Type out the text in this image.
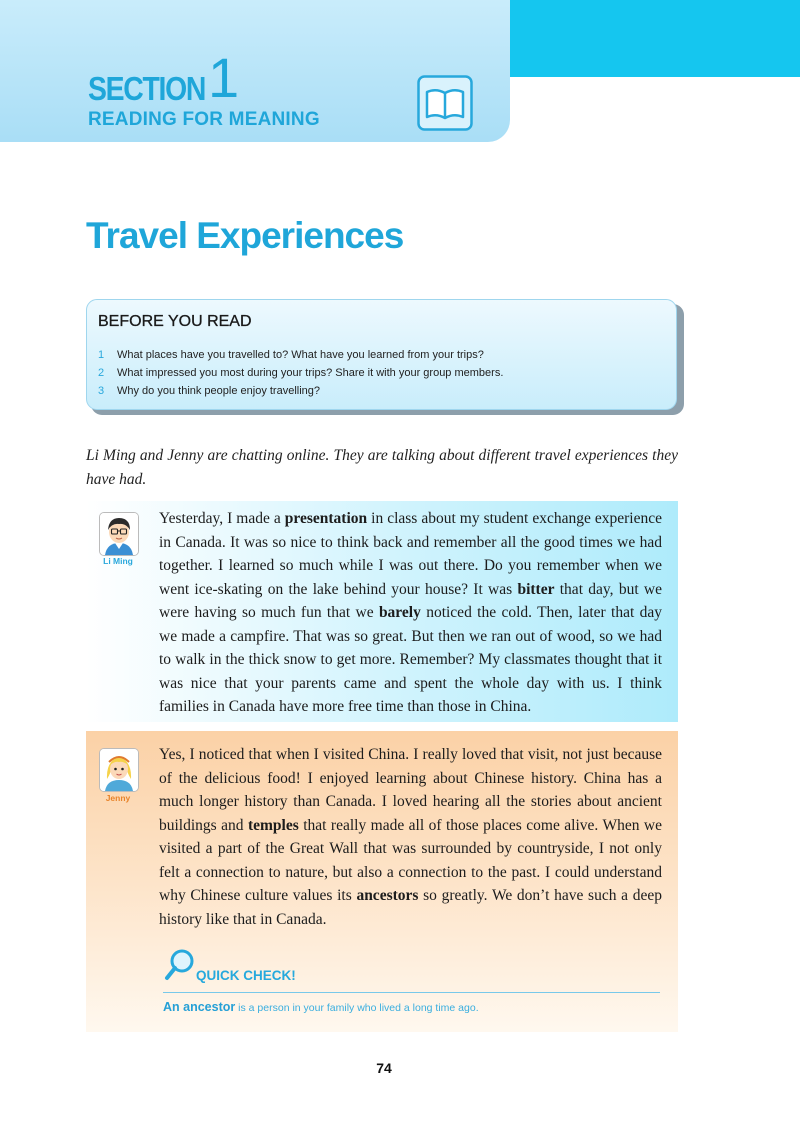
SECTION 1
READING FOR MEANING
Travel Experiences
BEFORE YOU READ
1 What places have you travelled to? What have you learned from your trips?
2 What impressed you most during your trips? Share it with your group members.
3 Why do you think people enjoy travelling?

Li Ming and Jenny are chatting online. They are talking about different travel experiences they have had.

Li Ming

Yesterday, I made a presentation in class about my student exchange experience in Canada. It was so nice to think back and remember all the good times we had together. I learned so much while I was out there. Do you remember when we went ice-skating on the lake behind your house? It was bitter that day, but we were having so much fun that we barely noticed the cold. Then, later that day we made a campfire. That was so great. But then we ran out of wood, so we had to walk in the thick snow to get more. Remember? My classmates thought that it was nice that your parents came and spent the whole day with us. I think families in Canada have more free time than those in China.

Jenny

Yes, I noticed that when I visited China. I really loved that visit, not just because of the delicious food! I enjoyed learning about Chinese history. China has a much longer history than Canada. I loved hearing all the stories about ancient buildings and temples that really made all of those places come alive. When we visited a part of the Great Wall that was surrounded by countryside, I not only felt a connection to nature, but also a connection to the past. I could understand why Chinese culture values its ancestors so greatly. We don’t have such a deep history like that in Canada.

QUICK CHECK!

An ancestor is a person in your family who lived a long time ago.

74
